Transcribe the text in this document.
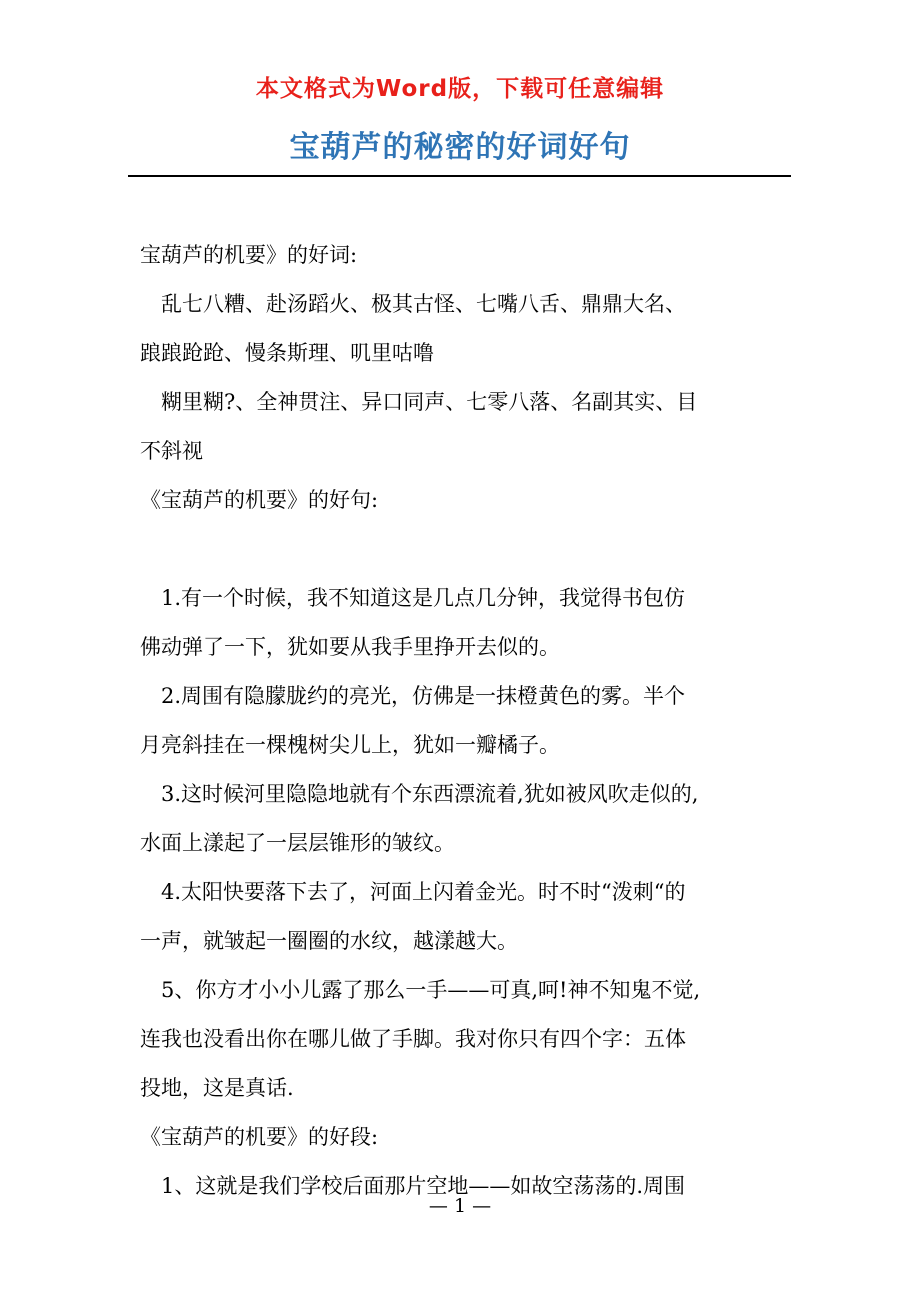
本文格式为Word版，下载可任意编辑
宝葫芦的秘密的好词好句
宝葫芦的机要》的好词:
　乱七八糟、赴汤蹈火、极其古怪、七嘴八舌、鼎鼎大名、
踉踉跄跄、慢条斯理、叽里咕噜
　糊里糊?、全神贯注、异口同声、七零八落、名副其实、目
不斜视
《宝葫芦的机要》的好句:
　1.有一个时候，我不知道这是几点几分钟，我觉得书包仿
佛动弹了一下，犹如要从我手里挣开去似的。
　2.周围有隐朦胧约的亮光，仿佛是一抹橙黄色的雾。半个
月亮斜挂在一棵槐树尖儿上，犹如一瓣橘子。
　3.这时候河里隐隐地就有个东西漂流着,犹如被风吹走似的,
水面上漾起了一层层锥形的皱纹。
　4.太阳快要落下去了，河面上闪着金光。时不时“泼刺“的
一声，就皱起一圈圈的水纹，越漾越大。
　5、你方才小小儿露了那么一手——可真,呵!神不知鬼不觉,
连我也没看出你在哪儿做了手脚。我对你只有四个字：五体
投地，这是真话.
《宝葫芦的机要》的好段:
　1、这就是我们学校后面那片空地——如故空荡荡的.周围
— 1 —
